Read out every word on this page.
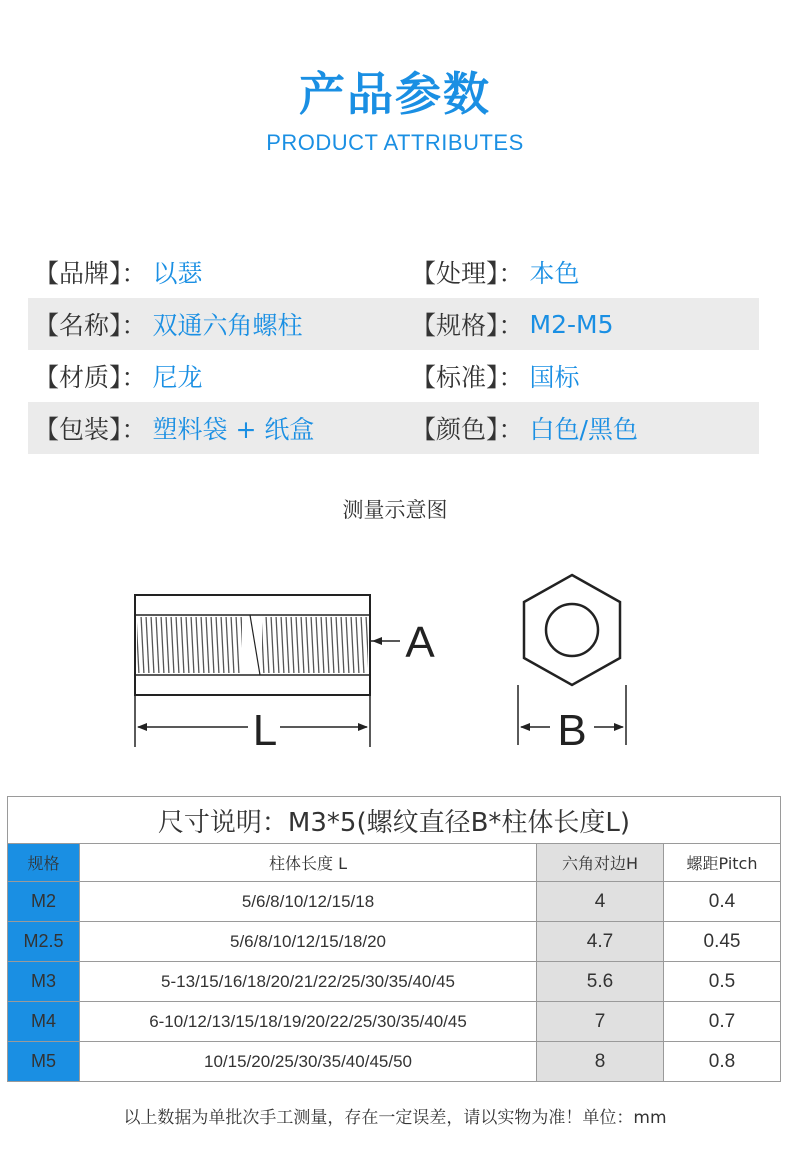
产品参数
PRODUCT ATTRIBUTES
【品牌】： 以瑟	【处理】： 本色
【名称】： 双通六角螺柱	【规格】： M2-M5
【材质】： 尼龙	【标准】： 国标
【包装】： 塑料袋 + 纸盒	【颜色】： 白色/黑色
测量示意图
L
A
B
尺寸说明：M3*5(螺纹直径B*柱体长度L)			
规格	柱体长度 L	六角对边H	螺距Pitch
M2	5/6/8/10/12/15/18	4	0.4
M2.5	5/6/8/10/12/15/18/20	4.7	0.45
M3	5-13/15/16/18/20/21/22/25/30/35/40/45	5.6	0.5
M4	6-10/12/13/15/18/19/20/22/25/30/35/40/45	7	0.7
M5	10/15/20/25/30/35/40/45/50	8	0.8
以上数据为单批次手工测量，存在一定误差，请以实物为准！单位：mm
